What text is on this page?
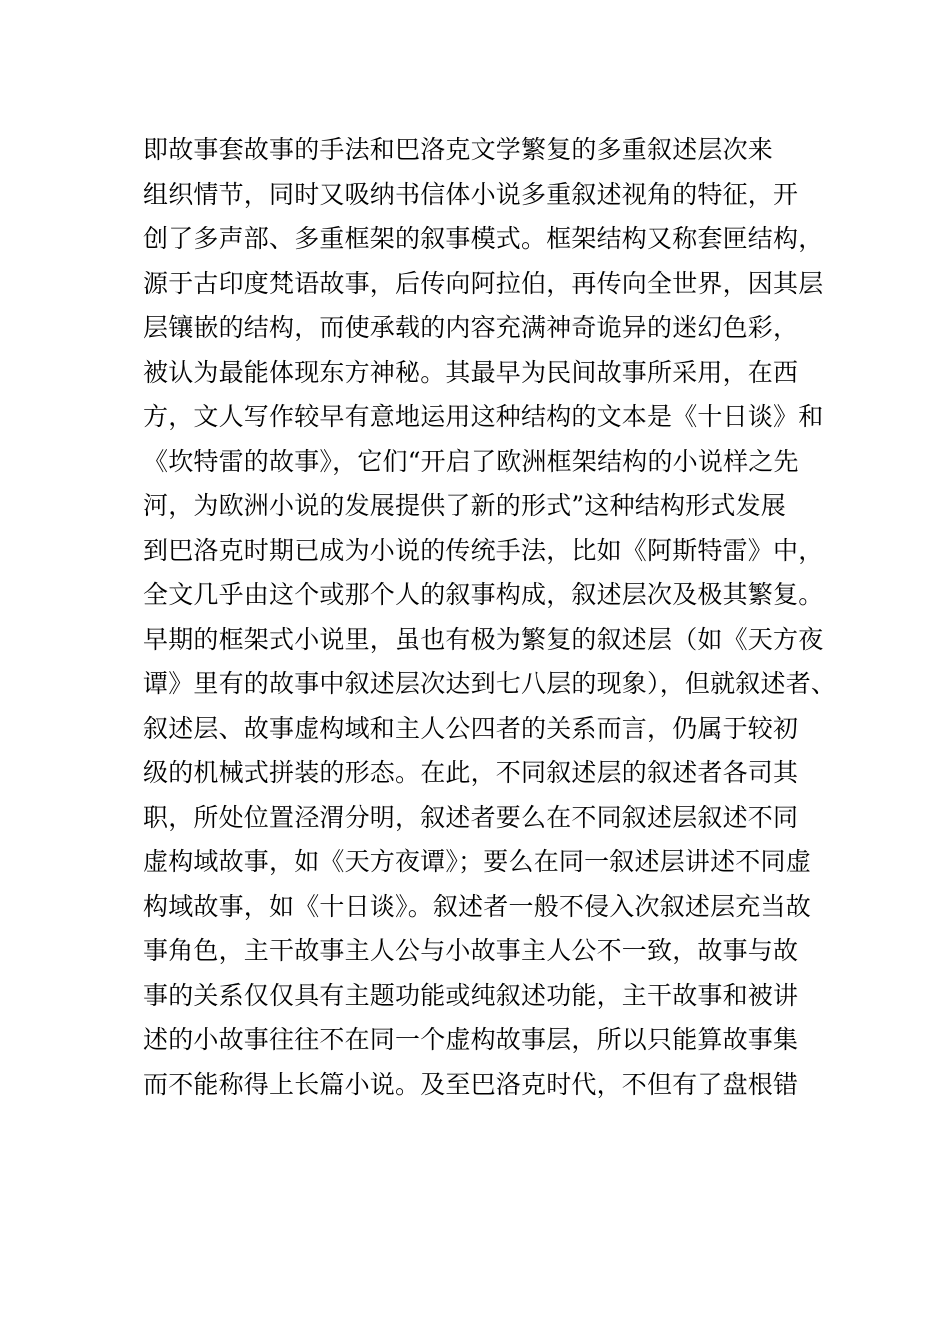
即故事套故事的手法和巴洛克文学繁复的多重叙述层次来
组织情节，同时又吸纳书信体小说多重叙述视角的特征，开
创了多声部、多重框架的叙事模式。框架结构又称套匣结构，
源于古印度梵语故事，后传向阿拉伯，再传向全世界，因其层
层镶嵌的结构，而使承载的内容充满神奇诡异的迷幻色彩，
被认为最能体现东方神秘。其最早为民间故事所采用，在西
方，文人写作较早有意地运用这种结构的文本是《十日谈》和
《坎特雷的故事》，它们“开启了欧洲框架结构的小说样之先
河，为欧洲小说的发展提供了新的形式”这种结构形式发展
到巴洛克时期已成为小说的传统手法，比如《阿斯特雷》中，
全文几乎由这个或那个人的叙事构成，叙述层次及极其繁复。
早期的框架式小说里，虽也有极为繁复的叙述层（如《天方夜
谭》里有的故事中叙述层次达到七八层的现象），但就叙述者、
叙述层、故事虚构域和主人公四者的关系而言，仍属于较初
级的机械式拼装的形态。在此，不同叙述层的叙述者各司其
职，所处位置泾渭分明，叙述者要么在不同叙述层叙述不同
虚构域故事，如《天方夜谭》；要么在同一叙述层讲述不同虚
构域故事，如《十日谈》。叙述者一般不侵入次叙述层充当故
事角色，主干故事主人公与小故事主人公不一致，故事与故
事的关系仅仅具有主题功能或纯叙述功能，主干故事和被讲
述的小故事往往不在同一个虚构故事层，所以只能算故事集
而不能称得上长篇小说。及至巴洛克时代，不但有了盘根错
